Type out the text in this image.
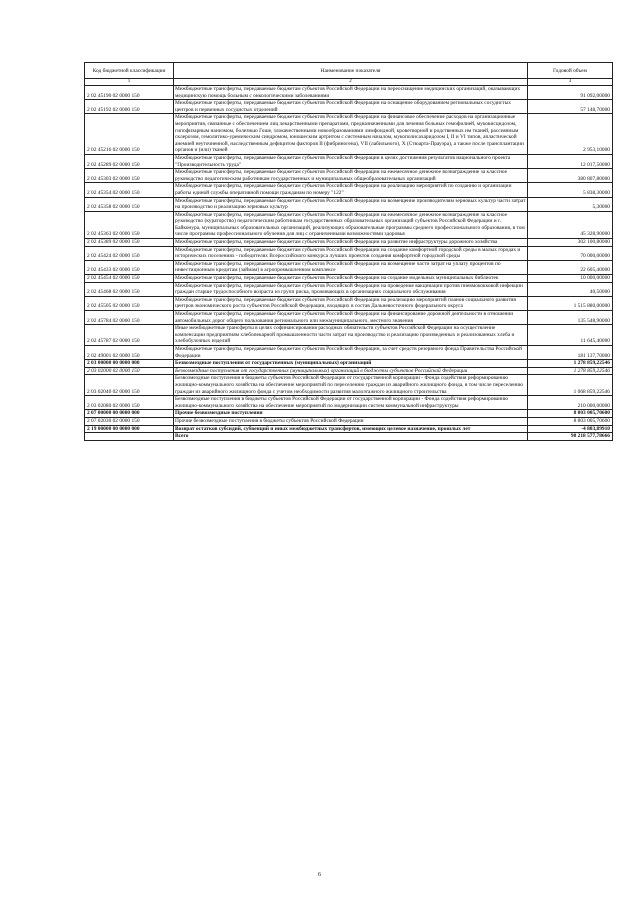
Код бюджетной классификации	Наименование показателя	Годовой объем
1	2	3
2 02 45190 02 0000 150	Межбюджетные трансферты, передаваемые бюджетам субъектов Российской Федерации на переоснащение медицинских организаций, оказывающих медицинскую помощь больным с онкологическими заболеваниями	91 092,00000
2 02 45192 02 0000 150	Межбюджетные трансферты, передаваемые бюджетам субъектов Российской Федерации на оснащение оборудованием региональных сосудистых центров и первичных сосудистых отделений	57 148,70000
2 02 45216 02 0000 150	Межбюджетные трансферты, передаваемые бюджетам субъектов Российской Федерации на финансовое обеспечение расходов на организационные мероприятия, связанные с обеспечением лиц лекарственными препаратами, предназначенными для лечения больных гемофилией, муковисцидозом, гипофизарным нанизмом, болезнью Гоше, злокачественными новообразованиями лимфоидной, кроветворной и родственных им тканей, рассеянным склерозом, гемолитико-уремическим синдромом, юношеским артритом с системным началом, мукополисахаридозом I, II и VI типов, апластической анемией неуточненной, наследственным дефицитом факторов II (фибриногена), VII (лабильного), X (Стюарта-Прауэра), а также после трансплантации органов и (или) тканей	2 953,10000
2 02 45289 02 0000 150	Межбюджетные трансферты, передаваемые бюджетам субъектов Российской Федерации в целях достижения результатов национального проекта "Производительность труда"	12 017,50000
2 02 45303 02 0000 150	Межбюджетные трансферты, передаваемые бюджетам субъектов Российской Федерации на ежемесячное денежное вознаграждение за классное руководство педагогическим работникам государственных и муниципальных общеобразовательных организаций	380 807,80000
2 02 45354 02 0000 150	Межбюджетные трансферты, передаваемые бюджетам субъектов Российской Федерации на реализацию мероприятий по созданию и организации работы единой службы оперативной помощи гражданам по номеру "122"	5 838,30000
2 02 45358 02 0000 150	Межбюджетные трансферты, передаваемые бюджетам субъектов Российской Федерации на возмещение производителям зерновых культур части затрат на производство и реализацию зерновых культур	5,30000
2 02 45363 02 0000 150	Межбюджетные трансферты, передаваемые бюджетам субъектов Российской Федерации на ежемесячное денежное вознаграждение за классное руководство (кураторство) педагогическим работникам государственных образовательных организаций субъектов Российской Федерации и г. Байконура, муниципальных образовательных организаций, реализующих образовательные программы среднего профессионального образования, в том числе программы профессионального обучения для лиц с ограниченными возможностями здоровья	45 328,90000
2 02 45389 02 0000 150	Межбюджетные трансферты, передаваемые бюджетам субъектов Российской Федерации на развитие инфраструктуры дорожного хозяйства	302 100,80000
2 02 45424 02 0000 150	Межбюджетные трансферты, передаваемые бюджетам субъектов Российской Федерации на создание комфортной городской среды в малых городах и исторических поселениях - победителях Всероссийского конкурса лучших проектов создания комфортной городской среды	70 000,00000
2 02 45433 02 0000 150	Межбюджетные трансферты, передаваемые бюджетам субъектов Российской Федерации на возмещение части затрат на уплату процентов по инвестиционным кредитам (займам) в агропромышленном комплексе	22 605,40000
2 02 45454 02 0000 150	Межбюджетные трансферты, передаваемые бюджетам субъектов Российской Федерации на создание модельных муниципальных библиотек	10 000,00000
2 02 45468 02 0000 150	Межбюджетные трансферты, передаваемые бюджетам субъектов Российской Федерации на проведение вакцинации против пневмококковой инфекции граждан старше трудоспособного возраста из групп риска, проживающих в организациях социального обслуживания	40,50000
2 02 45505 02 0000 150	Межбюджетные трансферты, передаваемые бюджетам субъектов Российской Федерации на реализацию мероприятий планов социального развития центров экономического роста субъектов Российской Федерации, входящих в состав Дальневосточного федерального округа	1 515 880,00000
2 02 45784 02 0000 150	Межбюджетные трансферты, передаваемые бюджетам субъектов Российской Федерации на финансирование дорожной деятельности в отношении автомобильных дорог общего пользования регионального или межмуниципального, местного значения	135 548,90000
2 02 45787 02 0000 150	Иные межбюджетные трансферты в целях софинансирования расходных обязательств субъектов Российской Федерации на осуществление компенсации предприятиям хлебопекарной промышленности части затрат на производство и реализацию произведенных и реализованных хлеба и хлебобулочных изделий	11 645,40000
2 02 49001 02 0000 150	Межбюджетные трансферты, передаваемые бюджетам субъектов Российской Федерации, за счет средств резервного фонда Правительства Российской Федерации	181 137,70000
2 03 00000 00 0000 000	Безвозмездные поступления от государственных (муниципальных) организаций	1 278 859,22546
2 03 02000 02 0000 150	Безвозмездные поступления от государственных (муниципальных) организаций в бюджеты субъектов Российской Федерации	1 278 859,22546
2 03 02040 02 0000 150	Безвозмездные поступления в бюджеты субъектов Российской Федерации от государственной корпорации - Фонда содействия реформированию жилищно-коммунального хозяйства на обеспечение мероприятий по переселению граждан из аварийного жилищного фонда, в том числе переселению граждан из аварийного жилищного фонда с учетом необходимости развития малоэтажного жилищного строительства	1 068 859,22546
2 03 02080 02 0000 150	Безвозмездные поступления в бюджеты субъектов Российской Федерации от государственной корпорации - Фонда содействия реформированию жилищно-коммунального хозяйства на обеспечение мероприятий по модернизации систем коммунальной инфраструктуры	210 000,00000
2 07 00000 00 0000 000	Прочие безвозмездные поступления	8 803 005,70600
2 07 02030 02 0000 150	Прочие безвозмездные поступления в бюджеты субъектов Российской Федерации	8 803 005,70600
2 19 00000 00 0000 000	Возврат остатков субсидий, субвенций и иных межбюджетных трансфертов, имеющих целевое назначение, прошлых лет	-4 803,89910
	Всего	98 218 577,78666
6
